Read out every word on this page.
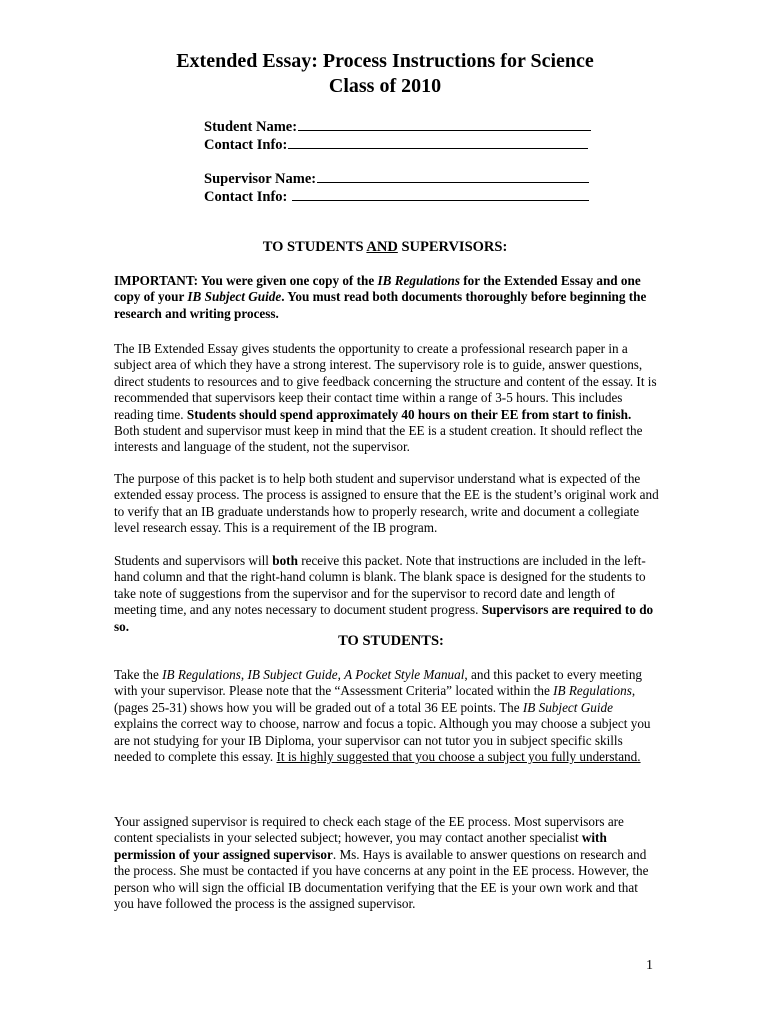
Extended Essay: Process Instructions for Science
Class of 2010
Student Name:
Contact Info:
Supervisor Name:
Contact Info:
TO STUDENTS AND SUPERVISORS:
IMPORTANT: You were given one copy of the IB Regulations for the Extended Essay and one copy of your IB Subject Guide. You must read both documents thoroughly before beginning the research and writing process.
The IB Extended Essay gives students the opportunity to create a professional research paper in a subject area of which they have a strong interest. The supervisory role is to guide, answer questions, direct students to resources and to give feedback concerning the structure and content of the essay. It is recommended that supervisors keep their contact time within a range of 3-5 hours. This includes reading time. Students should spend approximately 40 hours on their EE from start to finish. Both student and supervisor must keep in mind that the EE is a student creation. It should reflect the interests and language of the student, not the supervisor.
The purpose of this packet is to help both student and supervisor understand what is expected of the extended essay process. The process is assigned to ensure that the EE is the student’s original work and to verify that an IB graduate understands how to properly research, write and document a collegiate level research essay. This is a requirement of the IB program.
Students and supervisors will both receive this packet. Note that instructions are included in the left-hand column and that the right-hand column is blank. The blank space is designed for the students to take note of suggestions from the supervisor and for the supervisor to record date and length of meeting time, and any notes necessary to document student progress. Supervisors are required to do so.
TO STUDENTS:
Take the IB Regulations, IB Subject Guide, A Pocket Style Manual, and this packet to every meeting with your supervisor. Please note that the “Assessment Criteria” located within the IB Regulations, (pages 25-31) shows how you will be graded out of a total 36 EE points. The IB Subject Guide explains the correct way to choose, narrow and focus a topic. Although you may choose a subject you are not studying for your IB Diploma, your supervisor can not tutor you in subject specific skills needed to complete this essay. It is highly suggested that you choose a subject you fully understand.
Your assigned supervisor is required to check each stage of the EE process. Most supervisors are content specialists in your selected subject; however, you may contact another specialist with permission of your assigned supervisor. Ms. Hays is available to answer questions on research and the process. She must be contacted if you have concerns at any point in the EE process. However, the person who will sign the official IB documentation verifying that the EE is your own work and that you have followed the process is the assigned supervisor.
1
